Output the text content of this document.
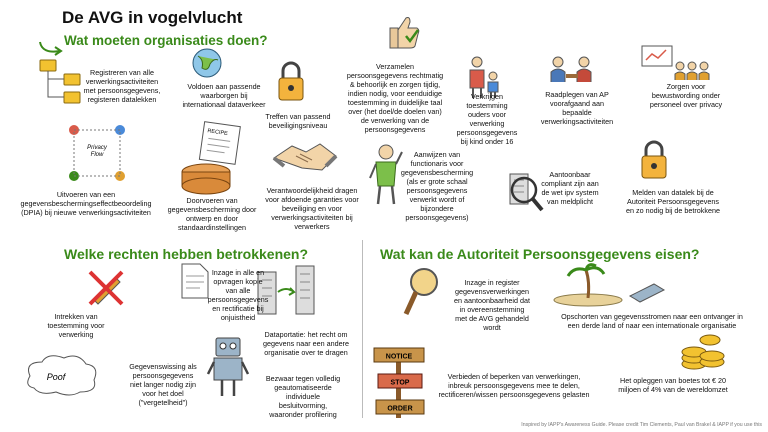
De AVG in vogelvlucht
Wat moeten organisaties doen?
Privacy Flow
RECIPE
Registreren van alle
verwerkingsactiviteiten
met persoonsgegevens,
registeren datalekken
Voldoen aan passende
waarborgen bij
internationaal dataverkeer
Treffen van passend
beveiligingsniveau
Verzamelen
persoonsgegevens rechtmatig
& behoorlijk en zorgen tijdig,
indien nodig, voor eenduidige
toestemming in duidelijke taal
over (het doel/de doelen van)
de verwerking van de
persoonsgegevens
Verkrijgen
toestemming
ouders voor
verwerking
persoonsgegevens
bij kind onder 16
Raadplegen van AP
voorafgaand aan
bepaalde
verwerkingsactiviteiten
Zorgen voor
bewustwording onder
personeel over privacy
Uitvoeren van een
gegevensbeschermingseffectbeoordeling
(DPIA) bij nieuwe verwerkingsactiviteiten
Doorvoeren van
gegevensbescherming door
ontwerp en door
standaardinstellingen
Verantwoordelijkheid dragen
voor afdoende garanties voor
beveiliging en voor
verwerkingsactiviteiten bij
verwerkers
Aanwijzen van
functionaris voor
gegevensbescherming
(als er grote schaal
persoonsgegevens
verwerkt wordt of
bijzondere
persoonsgegevens)
Aantoonbaar
compliant zijn aan
de wet ipv system
van meldplicht
Melden van datalek bij de
Autoriteit Persoonsgegevens
en zo nodig bij de betrokkene
Welke rechten hebben betrokkenen?	Wat kan de Autoriteit Persoonsgegevens eisen?
Poof
Intrekken van
toestemming voor
verwerking
Inzage in alle en
opvragen kopie
van alle
persoonsgegevens
en rectificatie bij
onjuistheid
Dataportatie: het recht om
gegevens naar een andere
organisatie over te dragen
Gegevenswissing als
persoonsgegevens
niet langer nodig zijn
voor het doel
("vergetelheid")
Bezwaar tegen volledig
geautomatiseerde
individuele
besluitvorming,
waaronder profilering
NOTICE
STOP
ORDER
Inzage in register
gegevensverwerkingen
en aantoonbaarheid dat
in overeenstemming
met de AVG gehandeld
wordt
Opschorten van gegevensstromen naar een ontvanger in
een derde land of naar een internationale organisatie
Verbieden of beperken van verwerkingen,
inbreuk persoonsgegevens mee te delen,
rectificeren/wissen persoonsgegevens gelasten
Het opleggen van boetes tot € 20
miljoen of 4% van de wereldomzet
Inspired by IAPP's Awareness Guide. Please credit Tim Clements, Paul van Brakel & IAPP if you use this
